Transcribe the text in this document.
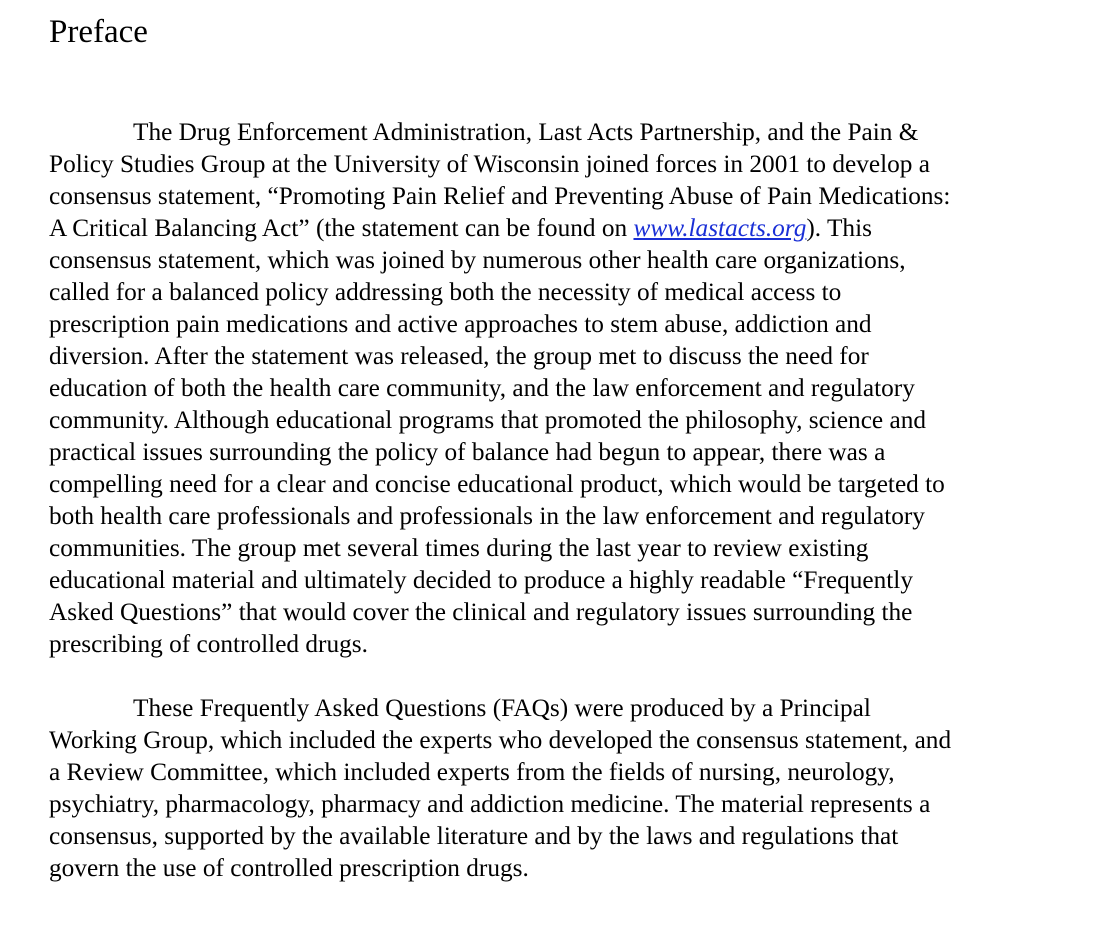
Preface

The Drug Enforcement Administration, Last Acts Partnership, and the Pain &
Policy Studies Group at the University of Wisconsin joined forces in 2001 to develop a
consensus statement, “Promoting Pain Relief and Preventing Abuse of Pain Medications:
A Critical Balancing Act” (the statement can be found on www.lastacts.org). This
consensus statement, which was joined by numerous other health care organizations,
called for a balanced policy addressing both the necessity of medical access to
prescription pain medications and active approaches to stem abuse, addiction and
diversion. After the statement was released, the group met to discuss the need for
education of both the health care community, and the law enforcement and regulatory
community. Although educational programs that promoted the philosophy, science and
practical issues surrounding the policy of balance had begun to appear, there was a
compelling need for a clear and concise educational product, which would be targeted to
both health care professionals and professionals in the law enforcement and regulatory
communities. The group met several times during the last year to review existing
educational material and ultimately decided to produce a highly readable “Frequently
Asked Questions” that would cover the clinical and regulatory issues surrounding the
prescribing of controlled drugs.

These Frequently Asked Questions (FAQs) were produced by a Principal
Working Group, which included the experts who developed the consensus statement, and
a Review Committee, which included experts from the fields of nursing, neurology,
psychiatry, pharmacology, pharmacy and addiction medicine. The material represents a
consensus, supported by the available literature and by the laws and regulations that
govern the use of controlled prescription drugs.
